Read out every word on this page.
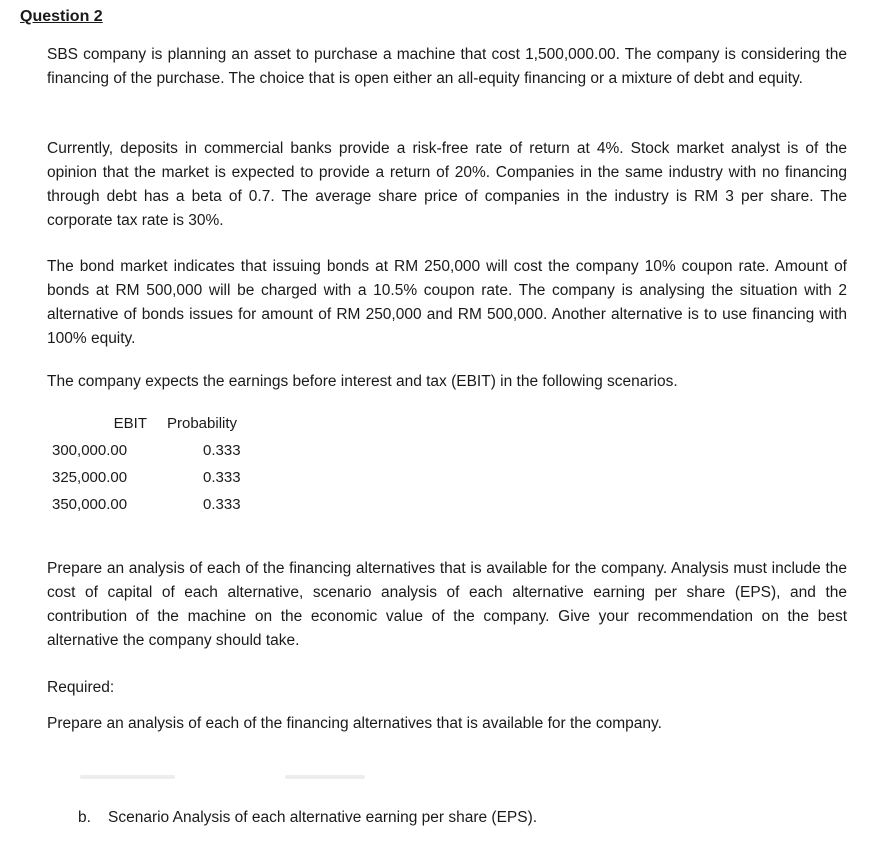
Question 2

SBS company is planning an asset to purchase a machine that cost 1,500,000.00. The company is considering the financing of the purchase. The choice that is open either an all-equity financing or a mixture of debt and equity.

Currently, deposits in commercial banks provide a risk-free rate of return at 4%. Stock market analyst is of the opinion that the market is expected to provide a return of 20%. Companies in the same industry with no financing through debt has a beta of 0.7. The average share price of companies in the industry is RM 3 per share. The corporate tax rate is 30%.

The bond market indicates that issuing bonds at RM 250,000 will cost the company 10% coupon rate. Amount of bonds at RM 500,000 will be charged with a 10.5% coupon rate. The company is analysing the situation with 2 alternative of bonds issues for amount of RM 250,000 and RM 500,000. Another alternative is to use financing with 100% equity.

The company expects the earnings before interest and tax (EBIT) in the following scenarios.

EBIT	Probability
300,000.00	0.333
325,000.00	0.333
350,000.00	0.333

Prepare an analysis of each of the financing alternatives that is available for the company. Analysis must include the cost of capital of each alternative, scenario analysis of each alternative earning per share (EPS), and the contribution of the machine on the economic value of the company. Give your recommendation on the best alternative the company should take.

Required:

Prepare an analysis of each of the financing alternatives that is available for the company.

b. Scenario Analysis of each alternative earning per share (EPS).
